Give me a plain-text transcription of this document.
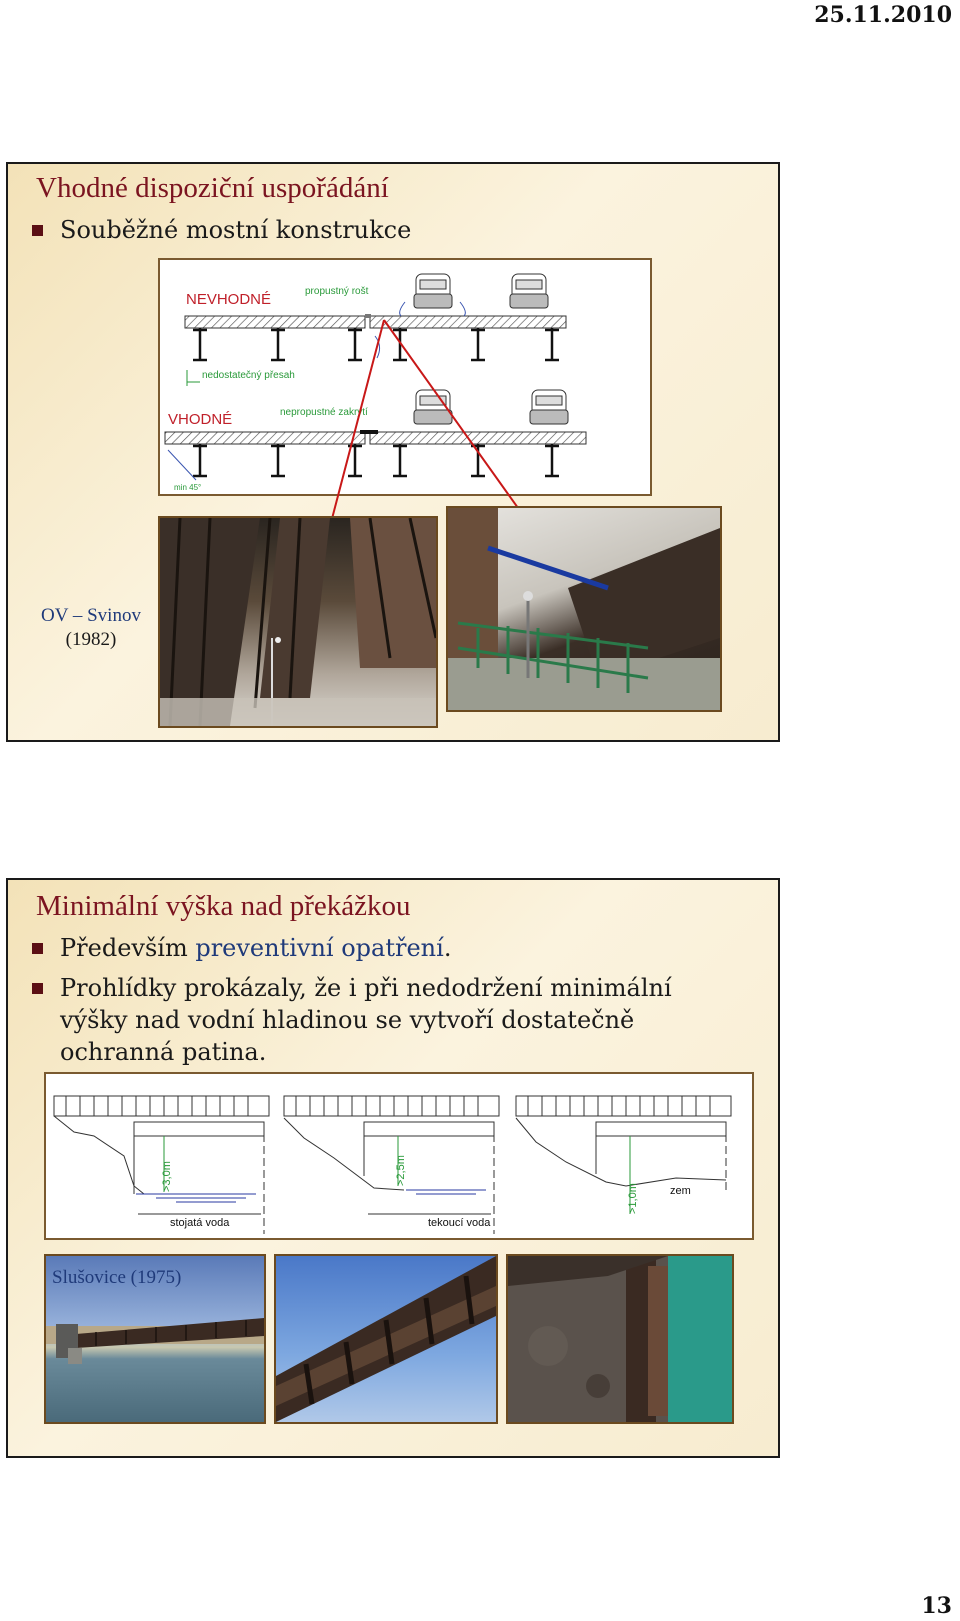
25.11.2010
Vhodné dispoziční uspořádání
Souběžné mostní konstrukce
NEVHODNÉ	propustný rošt
nedostatečný přesah
VHODNÉ	nepropustné zakrytí
min 45°
OV – Svinov
(1982)
Minimální výška nad překážkou
Především preventivní opatření.
Prohlídky prokázaly, že i při nedodržení minimální výšky nad vodní hladinou se vytvoří dostatečně ochranná patina.
>3,0m
stojatá voda
>2,5m
tekoucí voda
>1,0m	zem
Slušovice (1975)
13
